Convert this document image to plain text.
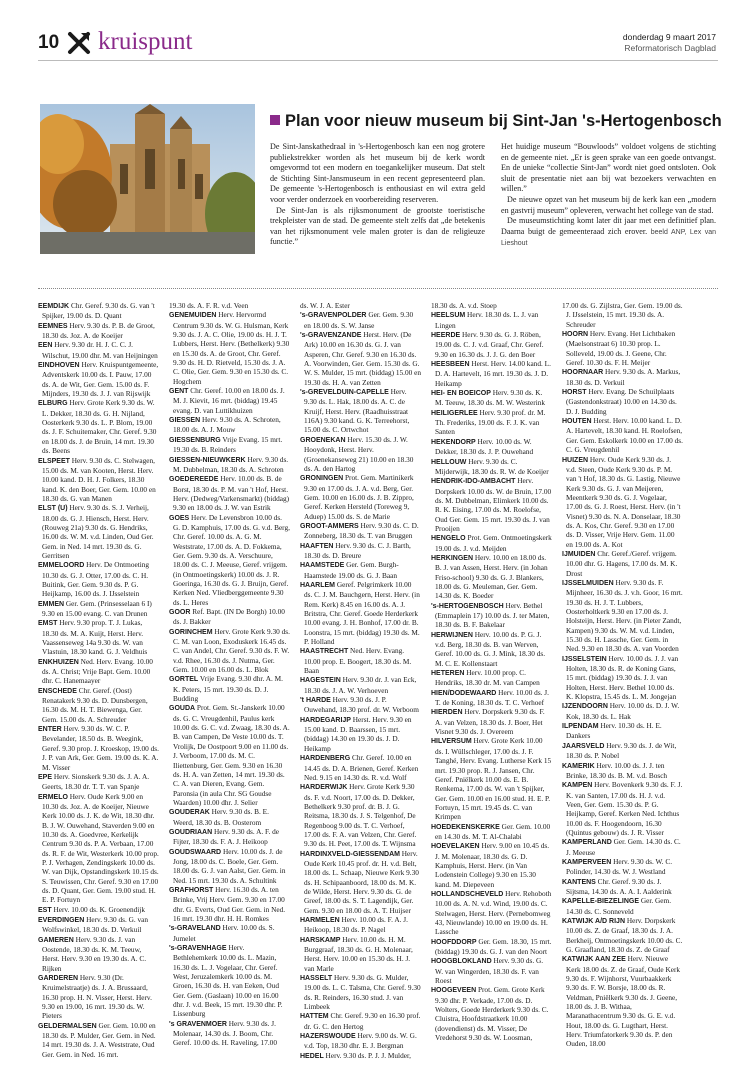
10 kruispunt	donderdag 9 maart 2017
Reformatorisch Dagblad
Plan voor nieuw museum bij Sint-Jan 's-Hertogenbosch

De Sint-Janskathedraal in 's-Hertogenbosch kan een nog grotere publiekstrekker worden als het museum bij de kerk wordt omgevormd tot een modern en toegankelijker museum. Dat stelt de Stichting Sint-Jansmuseum in een recent gepresenteerd plan. De gemeente 's-Hertogenbosch is enthousiast en wil extra geld voor verder onderzoek en voorbereiding reserveren.

De Sint-Jan is als rijksmonument de grootste toeristische trekpleister van de stad. De gemeente stelt zelfs dat „de betekenis van het rijksmonument vele malen groter is dan de religieuze functie.”

Het huidige museum “Bouwloods” voldoet volgens de stichting en de gemeente niet. „Er is geen sprake van een goede ontvangst. En de unieke “collectie Sint-Jan” wordt niet goed ontsloten. Ook sluit de presentatie niet aan bij wat bezoekers verwachten en willen.”

De nieuwe opzet van het museum bij de kerk kan een „modern en gastvrij museum” opleveren, verwacht het college van de stad.

De museumstichting komt later dit jaar met een definitief plan. Daarna buigt de gemeenteraad zich erover. beeld ANP, Lex van Lieshout

EEMDIJK Chr. Geref. 9.30 ds. G. van 't Spijker, 19.00 ds. D. Quant

EEMNES Herv. 9.30 ds. P. B. de Groot, 18.30 ds. Joz. A. de Koeijer

EEN Herv. 9.30 dr. H. J. C. C. J. Wilschut, 19.00 dhr. M. van Heijningen

EINDHOVEN Herv. Kruispuntgemeente, Adventskerk 10.00 ds. I. Pauw, 17.00 ds. A. de Wit, Ger. Gem. 15.00 ds. F. Mijnders, 19.30 ds. J. J. van Rijswijk

ELBURG Herv. Grote Kerk 9.30 ds. W. L. Dekker, 18.30 ds. G. H. Nijland, Oosterkerk 9.30 ds. L. P. Blom, 19.00 ds. J. F. Schuitemaker, Chr. Geref. 9.30 en 18.00 ds. J. de Bruin, 14 mrt. 19.30 ds. Beens

ELSPEET Herv. 9.30 ds. C. Stelwagen, 15.00 ds. M. van Kooten, Herst. Herv. 10.00 kand. D. H. J. Folkers, 18.30 kand. K. den Boer, Ger. Gem. 10.00 en 18.30 ds. G. van Manen

ELST (U) Herv. 9.30 ds. S. J. Verheij, 18.00 ds. G. J. Hiensch, Herst. Herv. (Rouweg 21a) 9.30 ds. G. Hendriks, 16.00 ds. W. M. v.d. Linden, Oud Ger. Gem. in Ned. 14 mrt. 19.30 ds. G. Gerritsen

EMMELOORD Herv. De Ontmoeting 10.30 ds. G. J. Otter, 17.00 ds. C. H. Buitink, Ger. Gem. 9.30 ds. P. G. Heijkamp, 16.00 ds. J. IJsselstein

EMMEN Ger. Gem. (Prinsesselaan 6 I) 9.30 en 15.00 evang. C. van Drunen

EMST Herv. 9.30 prop. T. J. Lukas, 18.30 ds. M. A. Kuijt, Herst. Herv. Vaassenseweg 14a 9.30 ds. W. van Vlastuin, 18.30 kand. G. J. Veldhuis

ENKHUIZEN Ned. Herv. Evang. 10.00 ds. A. Christ; Vrije Bapt. Gem. 10.00 dhr. C. Hanemaayer

ENSCHEDE Chr. Geref. (Oost) Renatakerk 9.30 ds. D. Dunsbergen, 16.30 ds. M. H. T. Biewenga, Ger. Gem. 15.00 ds. A. Schreuder

ENTER Herv. 9.30 ds. W. C. P. Bevelander, 18.50 ds. B. Weegink, Geref. 9.30 prop. J. Kroeskop, 19.00 ds. J. P. van Ark, Ger. Gem. 19.00 ds. K. A. M. Visser

EPE Herv. Sionskerk 9.30 ds. J. A. A. Geerts, 18.30 dr. T. T. van Spanje

ERMELO Herv. Oude Kerk 9.00 en 10.30 ds. Joz. A. de Koeijer, Nieuwe Kerk 10.00 ds. J. K. de Wit, 18.30 dhr. B. J. W. Ouwehand, Staverden 9.00 en 10.30 ds. A. Goedvree, Kerkelijk Centrum 9.30 ds. P. A. Verbaan, 17.00 ds. R. F. de Wit, Westerkerk 10.00 prop. P. J. Verhagen, Zendingskerk 10.00 ds. W. van Dijk, Opstandingskerk 10.15 ds. S. Teuwissen, Chr. Geref. 9.30 en 17.00 ds. D. Quant, Ger. Gem. 19.00 stud. H. E. P. Fortuyn

EST Herv. 10.00 ds. K. Groenendijk

EVERDINGEN Herv. 9.30 ds. G. van Wolfswinkel, 18.30 ds. D. Verkuil

GAMEREN Herv. 9.30 ds. J. van Oostende, 18.30 ds. K. M. Teeuw, Herst. Herv. 9.30 en 19.30 ds. A. C. Rijken

GARDEREN Herv. 9.30 (Dr. Kruimelstraatje) ds. J. A. Brussaard, 16.30 prop. H. N. Visser, Herst. Herv. 9.30 en 19.00, 16 mrt. 19.30 ds. W. Pieters

GELDERMALSEN Ger. Gem. 10.00 en 18.30 ds. P. Mulder, Ger. Gem. in Ned. 14 mrt. 19.30 ds. J. A. Weststrate, Oud Ger. Gem. in Ned. 16 mrt.

19.30 ds. A. F. R. v.d. Veen

GENEMUIDEN Herv. Hervormd Centrum 9.30 ds. W. G. Hulsman, Kerk 9.30 ds. J. A. C. Olie, 19.00 ds. H. J. T. Lubbers, Herst. Herv. (Bethelkerk) 9.30 en 15.30 ds. A. de Groot, Chr. Geref. 9.30 ds. H. D. Rietveld, 15.30 ds. J. A. C. Olie, Ger. Gem. 9.30 en 15.30 ds. C. Hogchem

GENT Chr. Geref. 10.00 en 18.00 ds. J. M. J. Kievit, 16 mrt. (biddag) 19.45 evang. D. van Luttikhuizen

GIESSEN Herv. 9.30 ds. A. Schroten, 18.00 ds. A. J. Mouw

GIESSENBURG Vrije Evang. 15 mrt. 19.30 ds. B. Reinders

GIESSEN-NIEUWKERK Herv. 9.30 ds. M. Dubbelman, 18.30 ds. A. Schroten

GOEDEREEDE Herv. 10.00 ds. B. de Borst, 18.30 ds. P. M. van 't Hof, Herst. Herv. (Dedweg/Varkensmarkt) (biddag) 9.30 en 18.00 ds. J. W. van Estrik

GOES Herv. De Levensbron 10.00 ds. G. D. Kamphuis, 17.00 ds. G. v.d. Berg, Chr. Geref. 10.00 ds. A. G. M. Weststrate, 17.00 ds. A. D. Fokkema, Ger. Gem. 9.30 ds. A. Verschuure, 18.00 ds. C. J. Meeuse, Geref. vrijgem. (in Ontmoetingskerk) 10.00 ds. J. R. Goeringa, 16.30 ds. G. J. Bruijn, Geref. Kerken Ned. Vliedberggemeente 9.30 ds. L. Heres

GOOR Ref. Bapt. (IN De Borgh) 10.00 ds. J. Bakker

GORINCHEM Herv. Grote Kerk 9.30 ds. C. M. van Loon, Exoduskerk 16.45 ds. C. van Andel, Chr. Geref. 9.30 ds. F. W. v.d. Rhee, 16.30 ds. J. Nutma, Ger. Gem. 10.00 en 16.00 ds. L. Blok

GORTEL Vrije Evang. 9.30 dhr. A. M. K. Peters, 15 mrt. 19.30 ds. D. J. Budding

GOUDA Prot. Gem. St.-Janskerk 10.00 ds. G. C. Vreugdenhil, Paulus kerk 10.00 ds. G. C. v.d. Zwaag, 18.30 ds. A. B. van Campen, De Veste 10.00 ds. T. Vrolijk, De Oostpoort 9.00 en 11.00 ds. J. Verboom, 17.00 ds. M. C. Iliettenburg, Ger. Gem. 9.30 en 16.30 ds. H. A. van Zetten, 14 mrt. 19.30 ds. C. A. van Dieren, Evang. Gem. Paronsia (in aula Chr. SG Goudse Waarden) 10.00 dhr. J. Selier

GOUDERAK Herv. 9.30 ds. B. E. Weerd, 18.30 ds. B. Oosterom

GOUDRIAAN Herv. 9.30 ds. A. F. de Fijter, 18.30 ds. F. A. J. Heikoop

GOUDSWAARD Herv. 10.00 ds. J. de Jong, 18.00 ds. C. Boele, Ger. Gem. 18.00 ds. G. J. van Aalst, Ger. Gem. in Ned. 15 mrt. 19.30 ds. A. Schultink

GRAFHORST Herv. 16.30 ds. A. ten Brinke, Vrij Herv. Gem. 9.30 en 17.00 dhr. G. Everts, Oud Ger. Gem. in Ned. 16 mrt. 19.30 dhr. H. H. Romkes

's-GRAVELAND Herv. 10.00 ds. S. Jumelet

's-GRAVENHAGE Herv. Bethlehemkerk 10.00 ds. L. Mazin, 16.30 ds. L. J. Vogelaar, Chr. Geref. West, Jeruzalemkerk 10.00 ds. M. Groen, 16.30 ds. H. van Eeken, Oud Ger. Gem. (Gaslaan) 10.00 en 16.00 dhr. J. v.d. Beek, 15 mrt. 19.30 dhr. P. Lissenburg

's GRAVENMOER Herv. 9.30 ds. J. Molenaar, 14.30 ds. J. Boom, Chr. Geref. 10.00 ds. H. Raveling, 17.00

ds. W. J. A. Ester

's-GRAVENPOLDER Ger. Gem. 9.30 en 18.00 ds. S. W. Janse

's-GRAVENZANDE Herst. Herv. (De Ark) 10.00 en 16.30 ds. G. J. van Asperen, Chr. Geref. 9.30 en 16.30 ds. A. Voorwinden, Ger. Gem. 15.30 ds. G. W. S. Mulder, 15 mrt. (biddag) 15.00 en 19.30 ds. H. A. van Zetten

's-GREVELDUIN-CAPELLE Herv. 9.30 ds. L. Hak, 18.00 ds. A. C. de Kruijf, Herst. Herv. (Raadhuisstraat 116A) 9.30 kand. G. K. Terreehorst, 15.00 ds. C. Ortwchot

GROENEKAN Herv. 15.30 ds. J. W. Hooydonk, Herst. Herv. (Groenekanseweg 21) 10.00 en 18.30 ds. A. den Hartog

GRONINGEN Prot. Gem. Martinikerk 9.30 en 17.00 ds. J. A. v.d. Berg, Ger. Gem. 10.00 en 16.00 ds. J. B. Zippro, Geref. Kerken Hersteld (Toreweg 9, Aduep) 15.00 ds. S. de Marie

GROOT-AMMERS Herv. 9.30 ds. C. D. Zonneberg, 18.30 ds. T. van Bruggen

HAAFTEN Herv. 9.30 ds. C. J. Barth, 18.30 ds. D. Breure

HAAMSTEDE Ger. Gem. Burgh-Haamstede 19.00 ds. G. J. Baan

HAARLEM Geref. Pelgrimkerk 10.00 ds. C. J. M. Bauchgern, Herst. Herv. (in Rem. Kerk) 8.45 en 16.00 ds. A. J. Britstra, Chr. Geref. Goede Herderkerk 10.00 evang. J. H. Bonhof, 17.00 dr. B. Loonstra, 15 mrt. (biddag) 19.30 ds. M. P. Holland

HAASTRECHT Ned. Herv. Evang. 10.00 prop. E. Boogert, 18.30 ds. M. Baan

HAGESTEIN Herv. 9.30 dr. J. van Eck, 18.30 ds. J. A. W. Verhoeven

't HARDE Herv. 9.30 ds. J. P. Ouwehand, 18.30 prof. dr. W. Verboom

HARDEGARIJP Herst. Herv. 9.30 en 15.00 kand. D. Baarssen, 15 mrt. (biddag) 14.30 en 19.30 ds. J. D. Heikamp

HARDENBERG Chr. Geref. 10.00 en 14.45 ds. D. A. Brienen, Geref. Kerken Ned. 9.15 en 14.30 ds. R. v.d. Wolf

HARDERWIJK Herv. Grote Kerk 9.30 ds. F. v.d. Noort, 17.00 ds. D. Dekker, Bethelkerk 9.30 prof. dr. B. J. G. Reitsma, 18.30 ds. J. S. Telgenhof, De Regenboog 9.00 ds. T. C. Verhoef, 17.00 ds. F. A. van Velzen, Chr. Geref. 9.30 ds. H. Peet, 17.00 ds. T. Wijnsma

HARDINXVELD-GIESSENDAM Herv. Oude Kerk 10.45 prof. dr. H. v.d. Belt, 18.00 ds. L. Schaap, Nieuwe Kerk 9.30 ds. H. Schipaanboord, 18.00 ds. M. K. de Wilde, Herst. Herv. 9.30 ds. G. de Greef, 18.00 ds. S. T. Lagendijk, Ger. Gem. 9.30 en 18.00 ds. A. T. Huijser

HARMELEN Herv. 10.00 ds. F. A. J. Heikoop, 18.30 ds. P. Nagel

HARSKAMP Herv. 10.00 ds. H. M. Burggraaf, 18.30 ds. G. H. Molenaar, Herst. Herv. 10.00 en 15.30 ds. H. J. van Marle

HASSELT Herv. 9.30 ds. G. Mulder, 19.00 ds. L. C. Talsma, Chr. Geref. 9.30 ds. R. Reinders, 16.30 stud. J. van Limbeek

HATTEM Chr. Geref. 9.30 en 16.30 prof. dr. G. C. den Hertog

HAZERSWOUDE Herv. 9.00 ds. W. G. v.d. Top, 18.30 dhr. E. J. Bergman

HEDEL Herv. 9.30 ds. P. J. J. Mulder,

18.30 ds. A. v.d. Stoep

HEELSUM Herv. 18.30 ds. L. J. van Lingen

HEERDE Herv. 9.30 ds. G. J. Röben, 19.00 ds. C. J. v.d. Graaf, Chr. Geref. 9.30 en 16.30 ds. J. J. G. den Boer

HEESBEEN Herst. Herv. 14.00 kand. L. D. A. Hartevelt, 16 mrt. 19.30 ds. J. D. Heikamp

HEI- EN BOEICOP Herv. 9.30 ds. K. M. Teeuw, 18.30 ds. M. W. Westerink

HEILIGERLEE Herv. 9.30 prof. dr. M. Th. Frederiks, 19.00 ds. F. J. K. van Santen

HEKENDORP Herv. 10.00 ds. W. Dekker, 18.30 ds. J. P. Ouwehand

HELLOUW Herv. 9.30 ds. C. Mijderwijk, 18.30 ds. R. W. de Koeijer

HENDRIK-IDO-AMBACHT Herv. Dorpskerk 10.00 ds. W. de Bruin, 17.00 ds. M. Dubbelman, Elimkerk 10.00 ds. R. K. Eising, 17.00 ds. M. Roelofse, Oud Ger. Gem. 15 mrt. 19.30 ds. J. van Prooijen

HENGELO Prot. Gem. Ontmoetingskerk 19.00 ds. J. v.d. Meijden

HERKINGEN Herv. 10.00 en 18.00 ds. B. J. van Assen, Herst. Herv. (in Johan Friso-school) 9.30 ds. G. J. Blankers, 18.00 ds. G. Meuleman, Ger. Gem. 14.30 ds. K. Boeder

's-HERTOGENBOSCH Herv. Bethel (Emmaplein 17) 10.00 ds. J. ter Maten, 18.30 ds. B. F. Bakelaar

HERWIJNEN Herv. 10.00 ds. P. G. J. v.d. Berg, 18.30 ds. B. van Werven, Geref. 10.00 ds. G. J. Mink, 18.30 ds. M. C. E. Kollenstaart

HETEREN Herv. 10.00 prop. C. Hendriks, 18.30 dr. M. van Campen

HIEN/DODEWAARD Herv. 10.00 ds. J. T. de Koning, 18.30 ds. T. C. Verhoef

HIERDEN Herv. Dorpskerk 9.30 ds. F. A. van Velzen, 18.30 ds. J. Boer, Het Visnet 9.30 ds. J. Overeem

HILVERSUM Herv. Grote Kerk 10.00 ds. I. Wüllschleger, 17.00 ds. J. F. Tanghé, Herv. Evang. Lutherse Kerk 15 mrt. 19.30 prop. R. J. Jansen, Chr. Geref. Pniëlkerk 10.00 ds. E. B. Renkema, 17.00 ds. W. van 't Spijker, Ger. Gem. 10.00 en 16.00 stud. H. E. P. Fortuyn, 15 mrt. 19.45 ds. C. van Krimpen

HOEDEKENSKERKE Ger. Gem. 10.00 en 14.30 ds. M. T. Al-Chalabi

HOEVELAKEN Herv. 9.00 en 10.45 ds. J. M. Molenaar, 18.30 ds. G. D. Kamphuis, Herst. Herv. (in Van Lodenstein College) 9.30 en 15.30 kand. M. Diepeveen

HOLLANDSCHEVELD Herv. Rehoboth 10.00 ds. A. N. v.d. Wind, 19.00 ds. C. Stelwagen, Herst. Herv. (Pernebomweg 43, Nieuwlande) 10.00 en 19.00 ds. H. Lassche

HOOFDDORP Ger. Gem. 18.30, 15 mrt. (biddag) 19.30 ds. G. J. van den Noort

HOOGBLOKLAND Herv. 9.30 ds. G. W. van Wingerden, 18.30 ds. F. van Roest

HOOGEVEEN Prot. Gem. Grote Kerk 9.30 dhr. P. Verkade, 17.00 ds. D. Wolters, Goede Herderkerk 9.30 ds. C. Cluistra, Hoofdstraatkerk 10.00 (dovendienst) ds. M. Visser, De Vredehorst 9.30 ds. W. Loosman,

17.00 ds. G. Zijlstra, Ger. Gem. 19.00 ds. J. IJsselstein, 15 mrt. 19.30 ds. A. Schreuder

HOORN Herv. Evang. Het Lichtbaken (Maelsonstraat 6) 10.30 prop. L. Solleveld, 19.00 ds. J. Geene, Chr. Geref. 10.30 ds. F. H. Meijer

HOORNAAR Herv. 9.30 ds. A. Markus, 18.30 ds. D. Verkuil

HORST Herv. Evang. De Schuilplaats (Gastendonkstraat) 10.00 en 14.30 ds. D. J. Budding

HOUTEN Herst. Herv. 10.00 kand. L. D. A. Hartevelt, 18.30 kand. H. Roelofsen, Ger. Gem. Eskolkerk 10.00 en 17.00 ds. C. G. Vreugdenhil

HUIZEN Herv. Oude Kerk 9.30 ds. J. v.d. Steen, Oude Kerk 9.30 ds. P. M. van 't Hof, 18.30 ds. G. Lastig, Nieuwe Kerk 9.30 ds. G. J. van Meijeren, Meentkerk 9.30 ds. G. J. Vogelaar, 17.00 ds. G. J. Roest, Herst. Herv. (in 't Visnet) 9.30 ds. N. A. Donselaar, 18.30 ds. A. Kos, Chr. Geref. 9.30 en 17.00 ds. D. Visser, Vrije Herv. Gem. 11.00 en 19.00 ds. A. Kot

IJMUIDEN Chr. Geref./Geref. vrijgem. 10.00 dhr. G. Hagens, 17.00 ds. M. K. Drost

IJSSELMUIDEN Herv. 9.30 ds. F. Mijnheer, 16.30 ds. J. v.h. Goor, 16 mrt. 19.30 ds. H. J. T. Lubbers, Oosterholtkerk 9.30 en 17.00 ds. J. Holsteijn, Herst. Herv. (in Pieter Zandt, Kampen) 9.30 ds. W. M. v.d. Linden, 15.30 ds. H. Lassche, Ger. Gem. in Ned. 9.30 en 18.30 ds. A. van Voorden

IJSSELSTEIN Herv. 10.00 ds. J. J. van Holten, 18.30 ds. R. de Koning Gans, 15 mrt. (biddag) 19.30 ds. J. J. van Holten, Herst. Herv. Bethel 10.00 ds. K. Klopstra, 15.45 ds. L. M. Jongejan

IJZENDOORN Herv. 10.00 ds. D. J. W. Kok, 18.30 ds. L. Hak

ILPENDAM Herv. 10.30 ds. H. E. Dankers

JAARSVELD Herv. 9.30 ds. J. de Wit, 18.30 ds. P. Nobel

KAMERIK Herv. 10.00 ds. J. J. ten Brinke, 18.30 ds. B. M. v.d. Bosch

KAMPEN Herv. Bovenkerk 9.30 ds. F. J. K. van Santen, 17.00 ds. H. J. v.d. Veen, Ger. Gem. 15.30 ds. P. G. Heijkamp, Geref. Kerken Ned. Ichthus 10.00 ds. F. Hoogendoorn, 16.30 (Quintus gebouw) ds. J. R. Visser

KAMPERLAND Ger. Gem. 14.30 ds. C. J. Meeuse

KAMPERVEEN Herv. 9.30 ds. W. C. Polinder, 14.30 ds. W. J. Westland

KANTENS Chr. Geref. 9.30 ds. J. Sijtsma, 14.30 ds. A. A. I. Aalderink

KAPELLE-BIEZELINGE Ger. Gem. 14.30 ds. C. Sonneveld

KATWIJK A/D RIJN Herv. Dorpskerk 10.00 ds. Z. de Graaf, 18.30 ds. J. A. Berkheij, Ontmoetingskerk 10.00 ds. C. G. Graafland, 18.30 ds. Z. de Graaf

KATWIJK AAN ZEE Herv. Nieuwe Kerk 18.00 ds. Z. de Graaf, Oude Kerk 9.30 ds. F. Wijnhorst, Vuurbaakkerk 9.30 ds. F. W. Borsje, 18.00 ds. R. Veldman, Pniëlkerk 9.30 ds. J. Geene, 18.00 ds. J. B. Withaa, Maranathacentrum 9.30 ds. G. E. v.d. Hout, 18.00 ds. G. Lugthart, Herst. Herv. Triumfatorkerk 9.30 ds. P. den Ouden, 18.00
